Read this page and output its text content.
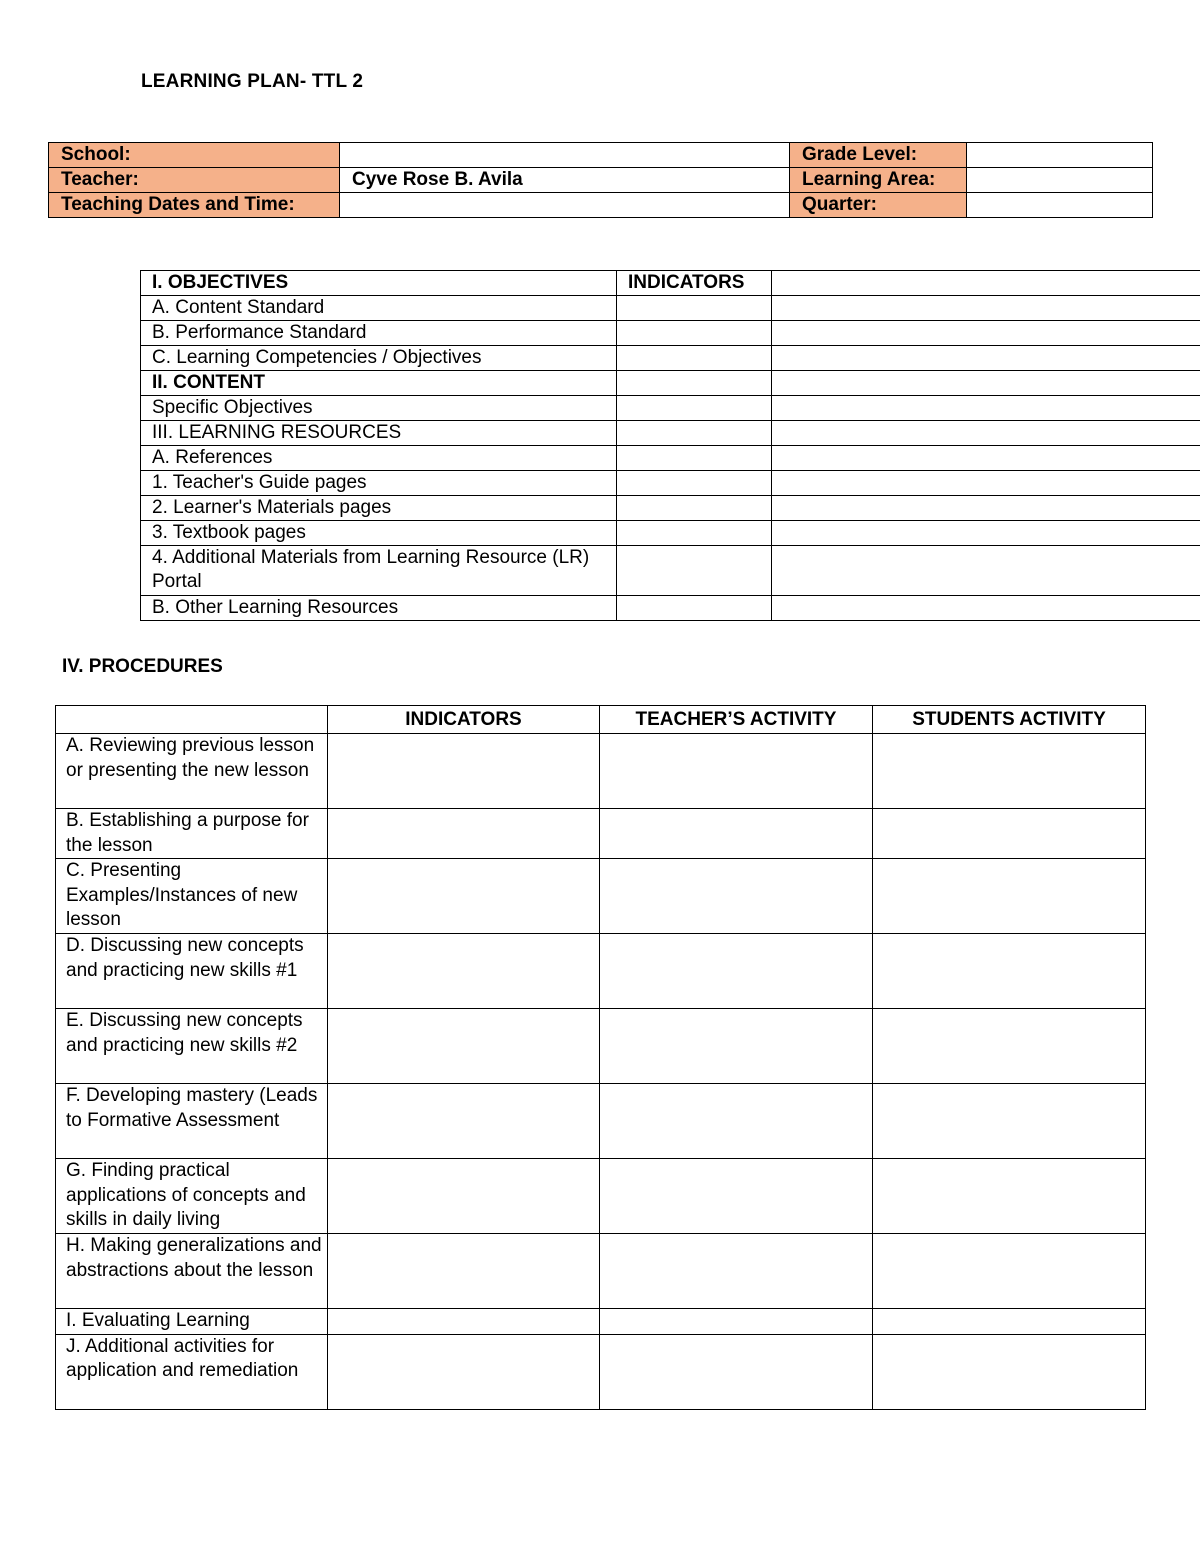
LEARNING PLAN- TTL 2
School:		Grade Level:	
Teacher:	Cyve Rose B. Avila	Learning Area:	
Teaching Dates and Time:		Quarter:	
I. OBJECTIVES	INDICATORS	
A. Content Standard		
B. Performance Standard		
C. Learning Competencies / Objectives		
II. CONTENT		
Specific Objectives		
III. LEARNING RESOURCES		
A. References		
1. Teacher's Guide pages		
2. Learner's Materials pages		
3. Textbook pages		
4. Additional Materials from Learning Resource (LR) Portal		
B. Other Learning Resources		
IV. PROCEDURES
	INDICATORS	TEACHER’S ACTIVITY	STUDENTS ACTIVITY
A. Reviewing previous lesson or presenting the new lesson			
B. Establishing a purpose for the lesson			
C. Presenting Examples/Instances of new lesson			
D. Discussing new concepts and practicing new skills #1			
E. Discussing new concepts and practicing new skills #2			
F. Developing mastery (Leads to Formative Assessment			
G. Finding practical applications of concepts and skills in daily living			
H. Making generalizations and abstractions about the lesson			
I. Evaluating Learning			
J. Additional activities for application and remediation			
